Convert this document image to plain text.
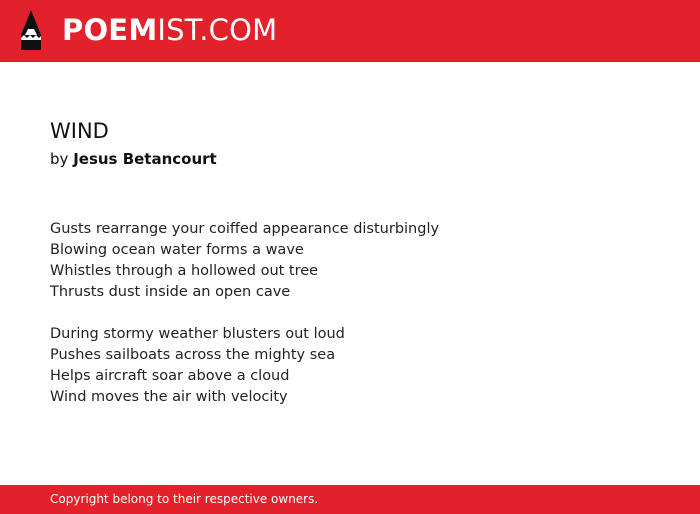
POEMIST.COM
WIND
by Jesus Betancourt
Gusts rearrange your coiffed appearance disturbingly
Blowing ocean water forms a wave
Whistles through a hollowed out tree
Thrusts dust inside an open cave
During stormy weather blusters out loud
Pushes sailboats across the mighty sea
Helps aircraft soar above a cloud
Wind moves the air with velocity
Copyright belong to their respective owners.
